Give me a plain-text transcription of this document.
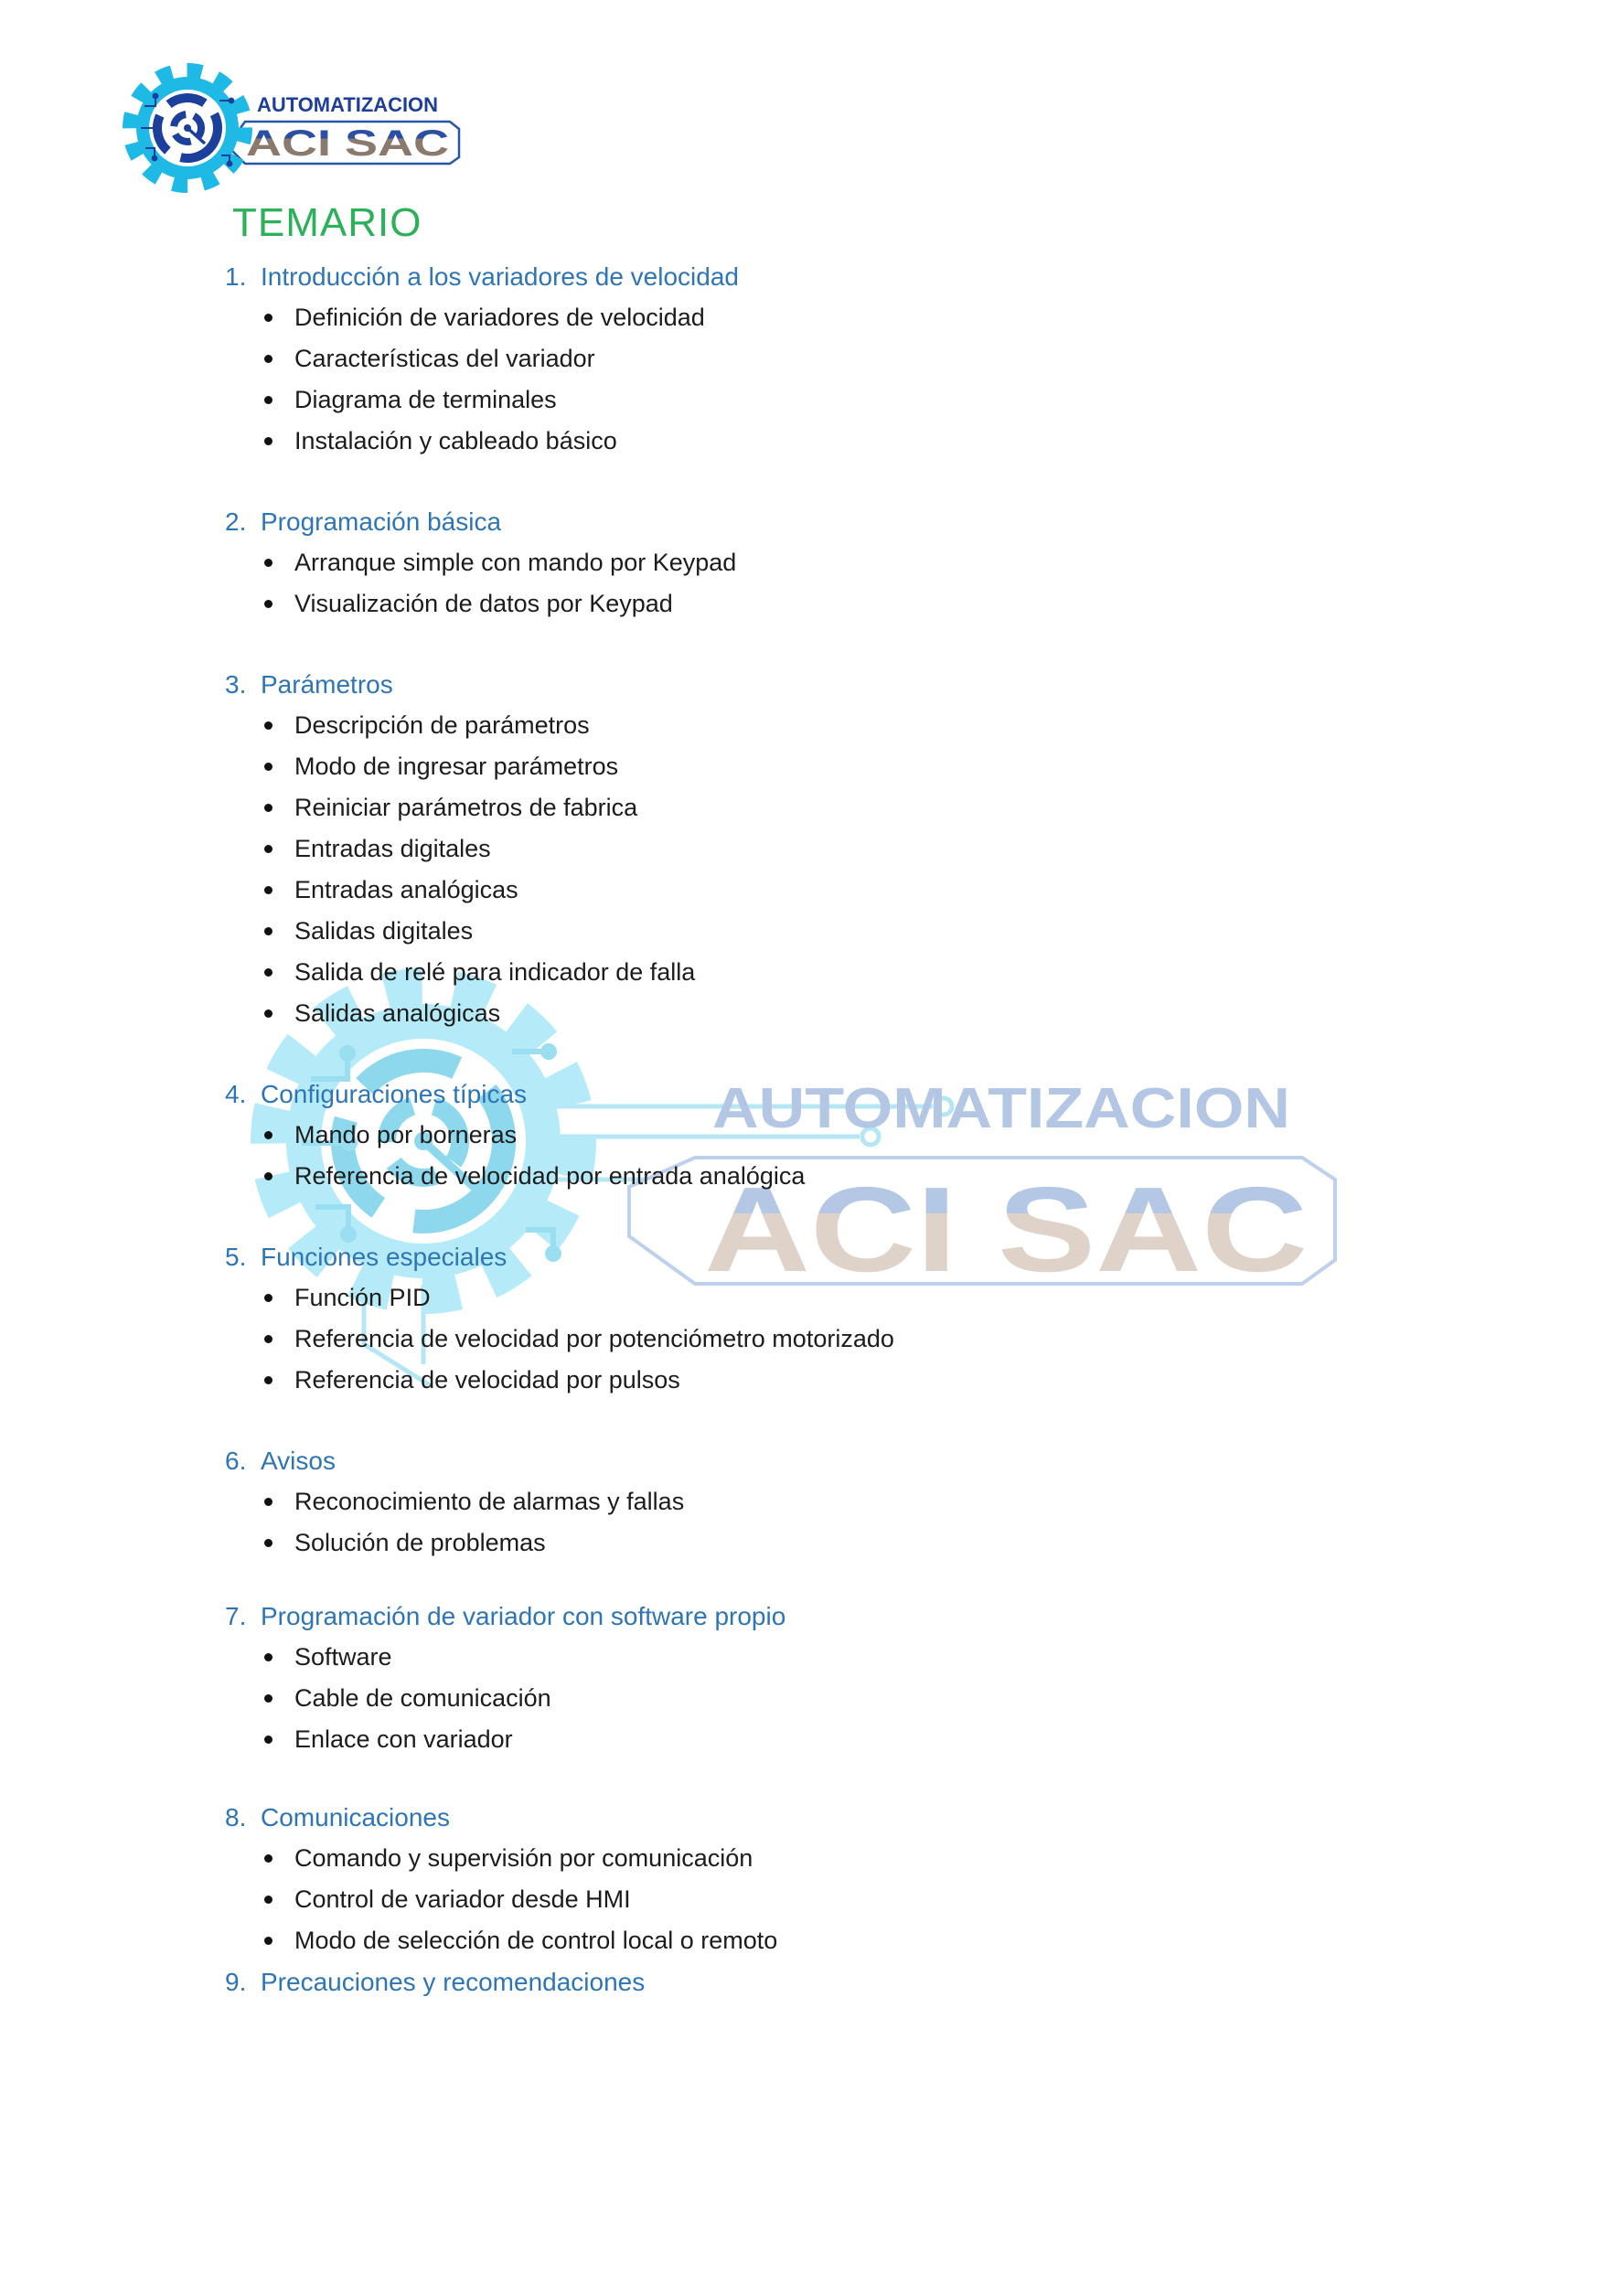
AUTOMATIZACION
ACI SAC
AUTOMATIZACION
ACI SAC
TEMARIO
1. Introducción a los variadores de velocidad
Definición de variadores de velocidad
Características del variador
Diagrama de terminales
Instalación y cableado básico
2. Programación básica
Arranque simple con mando por Keypad
Visualización de datos por Keypad
3. Parámetros
Descripción de parámetros
Modo de ingresar parámetros
Reiniciar parámetros de fabrica
Entradas digitales
Entradas analógicas
Salidas digitales
Salida de relé para indicador de falla
Salidas analógicas
4. Configuraciones típicas
Mando por borneras
Referencia de velocidad por entrada analógica
5. Funciones especiales
Función PID
Referencia de velocidad por potenciómetro motorizado
Referencia de velocidad por pulsos
6. Avisos
Reconocimiento de alarmas y fallas
Solución de problemas
7. Programación de variador con software propio
Software
Cable de comunicación
Enlace con variador
8. Comunicaciones
Comando y supervisión por comunicación
Control de variador desde HMI
Modo de selección de control local o remoto
9. Precauciones y recomendaciones
